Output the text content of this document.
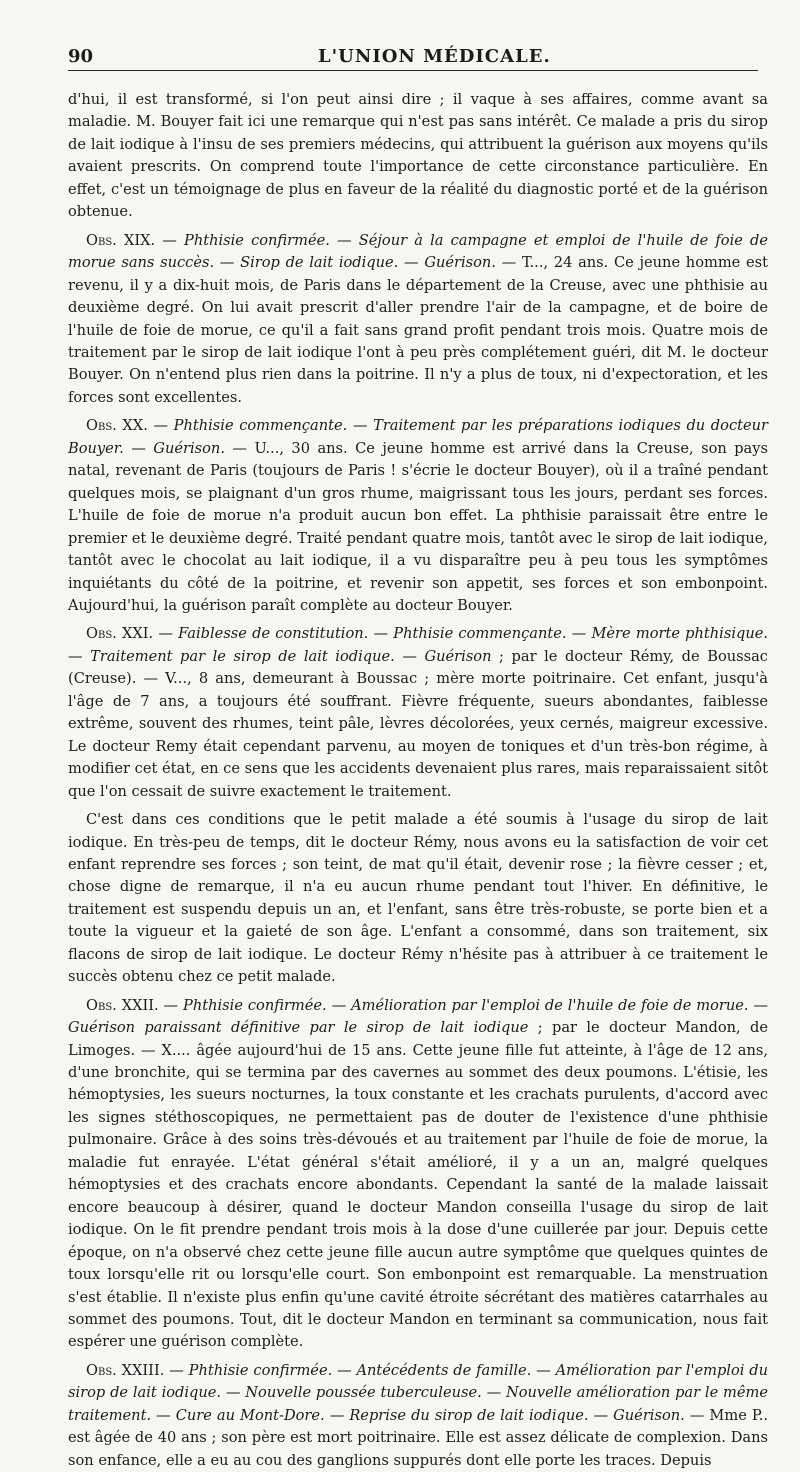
90	L'UNION MÉDICALE.

d'hui, il est transformé, si l'on peut ainsi dire ; il vaque à ses affaires, comme avant sa maladie. M. Bouyer fait ici une remarque qui n'est pas sans intérêt. Ce malade a pris du sirop de lait iodique à l'insu de ses premiers médecins, qui attribuent la guérison aux moyens qu'ils avaient prescrits. On comprend toute l'importance de cette circonstance particulière. En effet, c'est un témoignage de plus en faveur de la réalité du diagnostic porté et de la guérison obtenue.

Obs. XIX. — Phthisie confirmée. — Séjour à la campagne et emploi de l'huile de foie de morue sans succès. — Sirop de lait iodique. — Guérison. — T..., 24 ans. Ce jeune homme est revenu, il y a dix-huit mois, de Paris dans le département de la Creuse, avec une phthisie au deuxième degré. On lui avait prescrit d'aller prendre l'air de la campagne, et de boire de l'huile de foie de morue, ce qu'il a fait sans grand profit pendant trois mois. Quatre mois de traitement par le sirop de lait iodique l'ont à peu près complétement guéri, dit M. le docteur Bouyer. On n'entend plus rien dans la poitrine. Il n'y a plus de toux, ni d'expectoration, et les forces sont excellentes.

Obs. XX. — Phthisie commençante. — Traitement par les préparations iodiques du docteur Bouyer. — Guérison. — U..., 30 ans. Ce jeune homme est arrivé dans la Creuse, son pays natal, revenant de Paris (toujours de Paris ! s'écrie le docteur Bouyer), où il a traîné pendant quelques mois, se plaignant d'un gros rhume, maigrissant tous les jours, perdant ses forces. L'huile de foie de morue n'a produit aucun bon effet. La phthisie paraissait être entre le premier et le deuxième degré. Traité pendant quatre mois, tantôt avec le sirop de lait iodique, tantôt avec le chocolat au lait iodique, il a vu disparaître peu à peu tous les symptômes inquiétants du côté de la poitrine, et revenir son appetit, ses forces et son embonpoint. Aujourd'hui, la guérison paraît complète au docteur Bouyer.

Obs. XXI. — Faiblesse de constitution. — Phthisie commençante. — Mère morte phthisique. — Traitement par le sirop de lait iodique. — Guérison ; par le docteur Rémy, de Boussac (Creuse). — V..., 8 ans, demeurant à Boussac ; mère morte poitrinaire. Cet enfant, jusqu'à l'âge de 7 ans, a toujours été souffrant. Fièvre fréquente, sueurs abondantes, faiblesse extrême, souvent des rhumes, teint pâle, lèvres décolorées, yeux cernés, maigreur excessive. Le docteur Remy était cependant parvenu, au moyen de toniques et d'un très-bon régime, à modifier cet état, en ce sens que les accidents devenaient plus rares, mais reparaissaient sitôt que l'on cessait de suivre exactement le traitement.

C'est dans ces conditions que le petit malade a été soumis à l'usage du sirop de lait iodique. En très-peu de temps, dit le docteur Rémy, nous avons eu la satisfaction de voir cet enfant reprendre ses forces ; son teint, de mat qu'il était, devenir rose ; la fièvre cesser ; et, chose digne de remarque, il n'a eu aucun rhume pendant tout l'hiver. En définitive, le traitement est suspendu depuis un an, et l'enfant, sans être très-robuste, se porte bien et a toute la vigueur et la gaieté de son âge. L'enfant a consommé, dans son traitement, six flacons de sirop de lait iodique. Le docteur Rémy n'hésite pas à attribuer à ce traitement le succès obtenu chez ce petit malade.

Obs. XXII. — Phthisie confirmée. — Amélioration par l'emploi de l'huile de foie de morue. — Guérison paraissant définitive par le sirop de lait iodique ; par le docteur Mandon, de Limoges. — X.... âgée aujourd'hui de 15 ans. Cette jeune fille fut atteinte, à l'âge de 12 ans, d'une bronchite, qui se termina par des cavernes au sommet des deux poumons. L'étisie, les hémoptysies, les sueurs nocturnes, la toux constante et les crachats purulents, d'accord avec les signes stéthoscopiques, ne permettaient pas de douter de l'existence d'une phthisie pulmonaire. Grâce à des soins très-dévoués et au traitement par l'huile de foie de morue, la maladie fut enrayée. L'état général s'était amélioré, il y a un an, malgré quelques hémoptysies et des crachats encore abondants. Cependant la santé de la malade laissait encore beaucoup à désirer, quand le docteur Mandon conseilla l'usage du sirop de lait iodique. On le fit prendre pendant trois mois à la dose d'une cuillerée par jour. Depuis cette époque, on n'a observé chez cette jeune fille aucun autre symptôme que quelques quintes de toux lorsqu'elle rit ou lorsqu'elle court. Son embonpoint est remarquable. La menstruation s'est établie. Il n'existe plus enfin qu'une cavité étroite sécrétant des matières catarrhales au sommet des poumons. Tout, dit le docteur Mandon en terminant sa communication, nous fait espérer une guérison complète.

Obs. XXIII. — Phthisie confirmée. — Antécédents de famille. — Amélioration par l'emploi du sirop de lait iodique. — Nouvelle poussée tuberculeuse. — Nouvelle amélioration par le même traitement. — Cure au Mont-Dore. — Reprise du sirop de lait iodique. — Guérison. — Mme P.. est âgée de 40 ans ; son père est mort poitrinaire. Elle est assez délicate de complexion. Dans son enfance, elle a eu au cou des ganglions suppurés dont elle porte les traces. Depuis
